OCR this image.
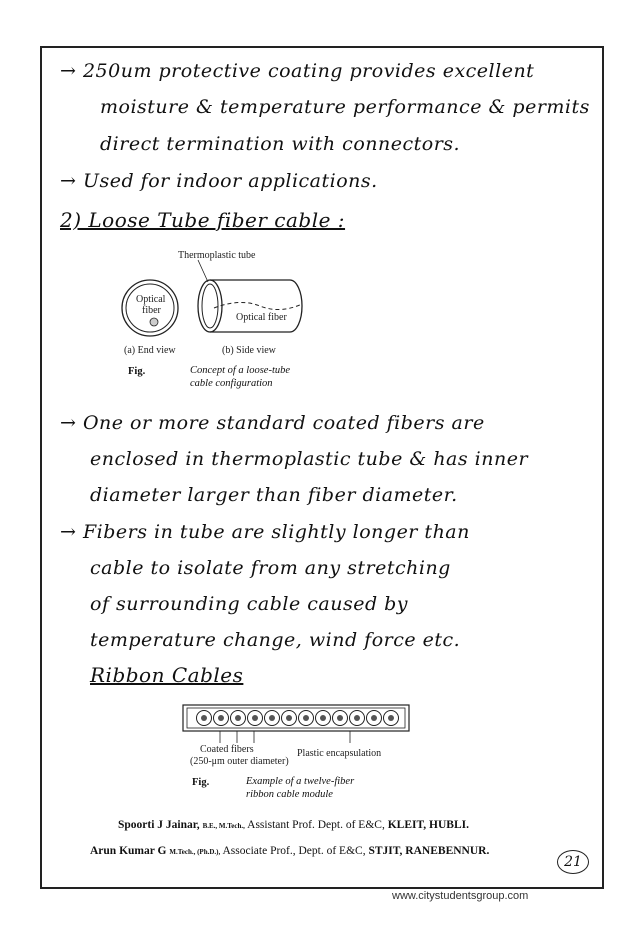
→ 250um protective coating provides excellent
moisture & temperature performance & permits
direct termination with connectors.
→ Used for indoor applications.
2) Loose Tube fiber cable :
Thermoplastic tube
Optical
fiber
Optical fiber
(a) End view	(b) Side view
Fig.	Concept of a loose-tube
cable configuration
→ One or more standard coated fibers are
enclosed in thermoplastic tube & has inner
diameter larger than fiber diameter.
→ Fibers in tube are slightly longer than
cable to isolate from any stretching
of surrounding cable caused by
temperature change, wind force etc.
Ribbon Cables
Coated fibers
(250-μm outer diameter)
Plastic encapsulation
Fig.	Example of a twelve-fiber
ribbon cable module
Spoorti J Jainar, B.E., M.Tech., Assistant Prof. Dept. of E&C, KLEIT, HUBLI.
Arun Kumar G M.Tech., (Ph.D.), Associate Prof., Dept. of E&C, STJIT, RANEBENNUR.
21
www.citystudentsgroup.com
